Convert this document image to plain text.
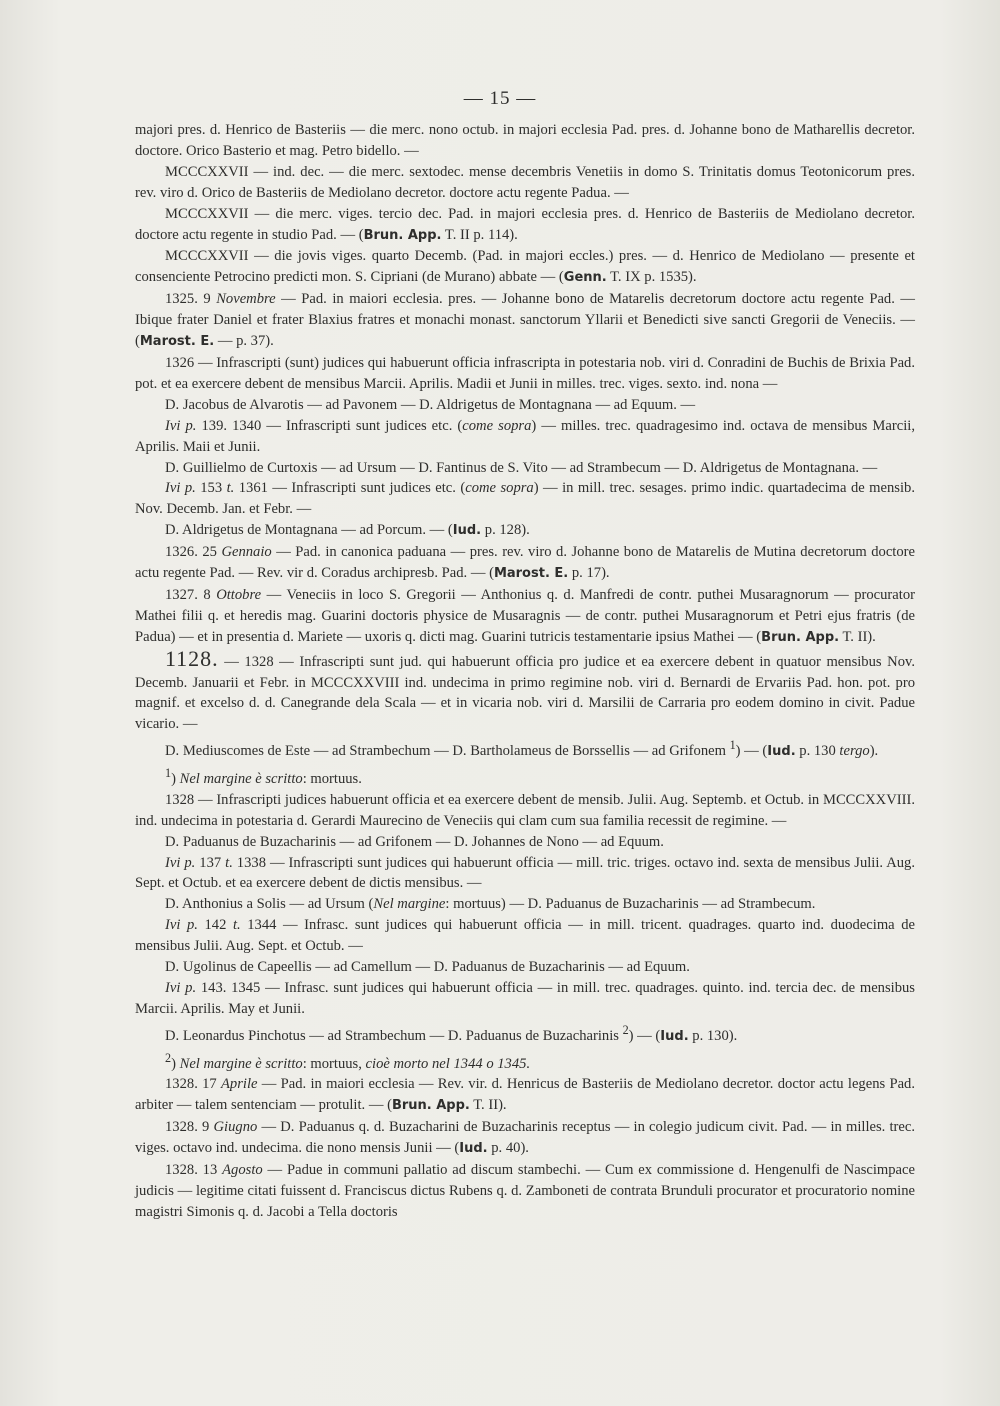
— 15 —

majori pres. d. Henrico de Basteriis — die merc. nono octub. in majori ecclesia Pad. pres. d. Johanne bono de Matharellis decretor. doctore. Orico Basterio et mag. Petro bidello. —

MCCCXXVII — ind. dec. — die merc. sextodec. mense decembris Venetiis in domo S. Trinitatis domus Teotonicorum pres. rev. viro d. Orico de Basteriis de Mediolano decretor. doctore actu regente Padua. —

MCCCXXVII — die merc. viges. tercio dec. Pad. in majori ecclesia pres. d. Henrico de Basteriis de Mediolano decretor. doctore actu regente in studio Pad. — (Brun. App. T. II p. 114).

MCCCXXVII — die jovis viges. quarto Decemb. (Pad. in majori eccles.) pres. — d. Henrico de Mediolano — presente et consenciente Petrocino predicti mon. S. Cipriani (de Murano) abbate — (Genn. T. IX p. 1535).

1325. 9 Novembre — Pad. in maiori ecclesia. pres. — Johanne bono de Matarelis decretorum doctore actu regente Pad. — Ibique frater Daniel et frater Blaxius fratres et monachi monast. sanctorum Yllarii et Benedicti sive sancti Gregorii de Veneciis. — (Marost. E. — p. 37).

1326 — Infrascripti (sunt) judices qui habuerunt officia infrascripta in potestaria nob. viri d. Conradini de Buchis de Brixia Pad. pot. et ea exercere debent de mensibus Marcii. Aprilis. Madii et Junii in milles. trec. viges. sexto. ind. nona —

D. Jacobus de Alvarotis — ad Pavonem — D. Aldrigetus de Montagnana — ad Equum. —

Ivi p. 139. 1340 — Infrascripti sunt judices etc. (come sopra) — milles. trec. quadragesimo ind. octava de mensibus Marcii, Aprilis. Maii et Junii.

D. Guillielmo de Curtoxis — ad Ursum — D. Fantinus de S. Vito — ad Strambecum — D. Aldrigetus de Montagnana. —

Ivi p. 153 t. 1361 — Infrascripti sunt judices etc. (come sopra) — in mill. trec. sesages. primo indic. quartadecima de mensib. Nov. Decemb. Jan. et Febr. —

D. Aldrigetus de Montagnana — ad Porcum. — (Iud. p. 128).

1326. 25 Gennaio — Pad. in canonica paduana — pres. rev. viro d. Johanne bono de Matarelis de Mutina decretorum doctore actu regente Pad. — Rev. vir d. Coradus archipresb. Pad. — (Marost. E. p. 17).

1327. 8 Ottobre — Veneciis in loco S. Gregorii — Anthonius q. d. Manfredi de contr. puthei Musaragnorum — procurator Mathei filii q. et heredis mag. Guarini doctoris physice de Musaragnis — de contr. puthei Musaragnorum et Petri ejus fratris (de Padua) — et in presentia d. Mariete — uxoris q. dicti mag. Guarini tutricis testamentarie ipsius Mathei — (Brun. App. T. II).

1128. — 1328 — Infrascripti sunt jud. qui habuerunt officia pro judice et ea exercere debent in quatuor mensibus Nov. Decemb. Januarii et Febr. in MCCCXXVIII ind. undecima in primo regimine nob. viri d. Bernardi de Ervariis Pad. hon. pot. pro magnif. et excelso d. d. Canegrande dela Scala — et in vicaria nob. viri d. Marsilii de Carraria pro eodem domino in civit. Padue vicario. —

D. Mediuscomes de Este — ad Strambechum — D. Bartholameus de Borssellis — ad Grifonem $^1$) — (Iud. p. 130 tergo).

$^1$) Nel margine è scritto: mortuus.

1328 — Infrascripti judices habuerunt officia et ea exercere debent de mensib. Julii. Aug. Septemb. et Octub. in MCCCXXVIII. ind. undecima in potestaria d. Gerardi Maurecino de Veneciis qui clam cum sua familia recessit de regimine. —

D. Paduanus de Buzacharinis — ad Grifonem — D. Johannes de Nono — ad Equum.

Ivi p. 137 t. 1338 — Infrascripti sunt judices qui habuerunt officia — mill. tric. triges. octavo ind. sexta de mensibus Julii. Aug. Sept. et Octub. et ea exercere debent de dictis mensibus. —

D. Anthonius a Solis — ad Ursum (Nel margine: mortuus) — D. Paduanus de Buzacharinis — ad Strambecum.

Ivi p. 142 t. 1344 — Infrasc. sunt judices qui habuerunt officia — in mill. tricent. quadrages. quarto ind. duodecima de mensibus Julii. Aug. Sept. et Octub. —

D. Ugolinus de Capeellis — ad Camellum — D. Paduanus de Buzacharinis — ad Equum.

Ivi p. 143. 1345 — Infrasc. sunt judices qui habuerunt officia — in mill. trec. quadrages. quinto. ind. tercia dec. de mensibus Marcii. Aprilis. May et Junii.

D. Leonardus Pinchotus — ad Strambechum — D. Paduanus de Buzacharinis $^2$) — (Iud. p. 130).

$^2$) Nel margine è scritto: mortuus, cioè morto nel 1344 o 1345.

1328. 17 Aprile — Pad. in maiori ecclesia — Rev. vir. d. Henricus de Basteriis de Mediolano decretor. doctor actu legens Pad. arbiter — talem sentenciam — protulit. — (Brun. App. T. II).

1328. 9 Giugno — D. Paduanus q. d. Buzacharini de Buzacharinis receptus — in colegio judicum civit. Pad. — in milles. trec. viges. octavo ind. undecima. die nono mensis Junii — (Iud. p. 40).

1328. 13 Agosto — Padue in communi pallatio ad discum stambechi. — Cum ex commissione d. Hengenulfi de Nascimpace judicis — legitime citati fuissent d. Franciscus dictus Rubens q. d. Zamboneti de contrata Brunduli procurator et procuratorio nomine magistri Simonis q. d. Jacobi a Tella doctoris
